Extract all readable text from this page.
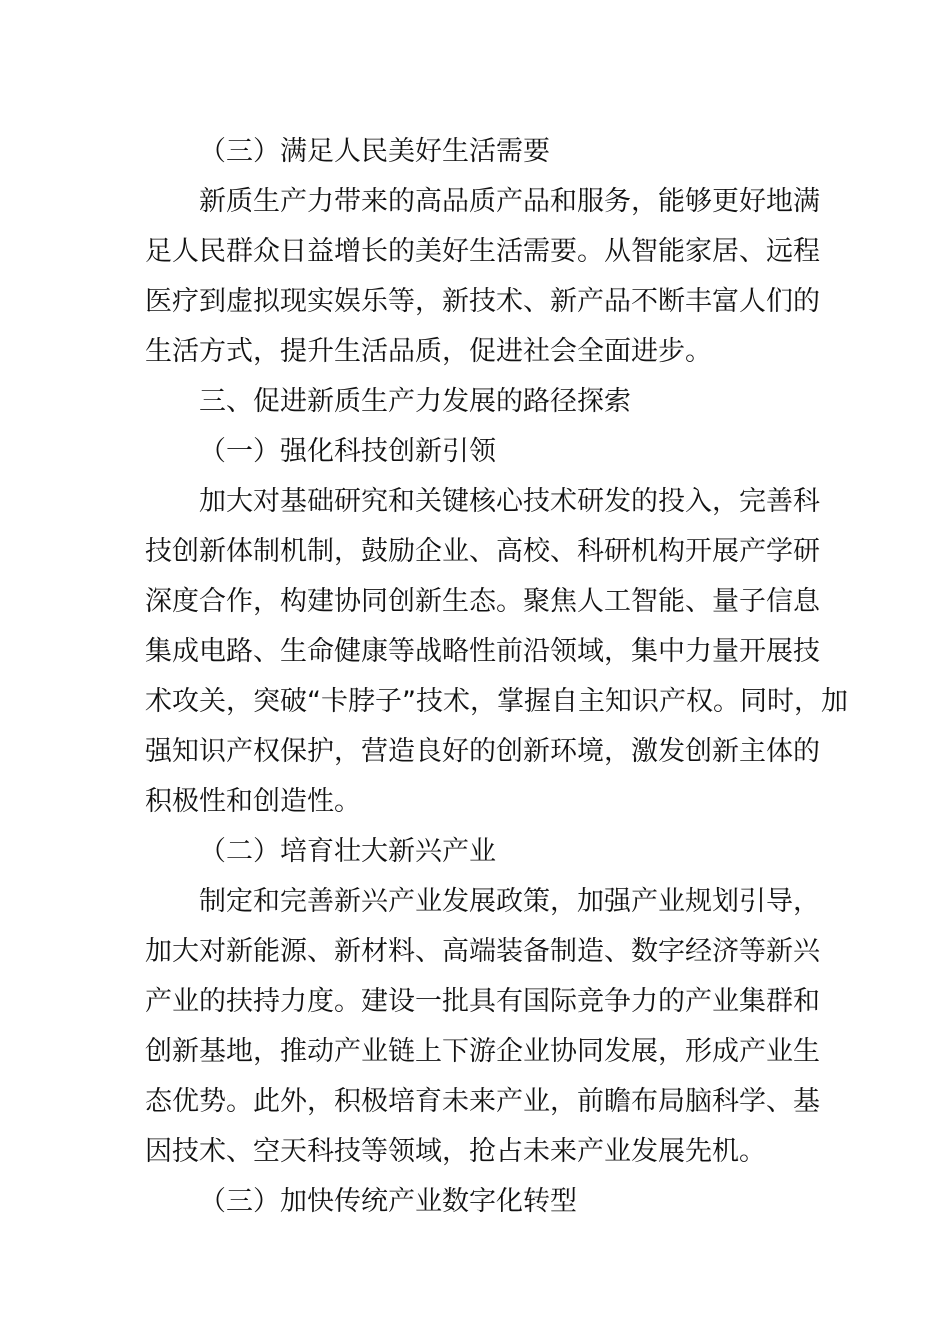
（三）满足人民美好生活需要
新质生产力带来的高品质产品和服务，能够更好地满
足人民群众日益增长的美好生活需要。从智能家居、远程
医疗到虚拟现实娱乐等，新技术、新产品不断丰富人们的
生活方式，提升生活品质，促进社会全面进步。
三、促进新质生产力发展的路径探索
（一）强化科技创新引领
加大对基础研究和关键核心技术研发的投入，完善科
技创新体制机制，鼓励企业、高校、科研机构开展产学研
深度合作，构建协同创新生态。聚焦人工智能、量子信息
集成电路、生命健康等战略性前沿领域，集中力量开展技
术攻关，突破“卡脖子”技术，掌握自主知识产权。同时，加
强知识产权保护，营造良好的创新环境，激发创新主体的
积极性和创造性。
（二）培育壮大新兴产业
制定和完善新兴产业发展政策，加强产业规划引导，
加大对新能源、新材料、高端装备制造、数字经济等新兴
产业的扶持力度。建设一批具有国际竞争力的产业集群和
创新基地，推动产业链上下游企业协同发展，形成产业生
态优势。此外，积极培育未来产业，前瞻布局脑科学、基
因技术、空天科技等领域，抢占未来产业发展先机。
（三）加快传统产业数字化转型
